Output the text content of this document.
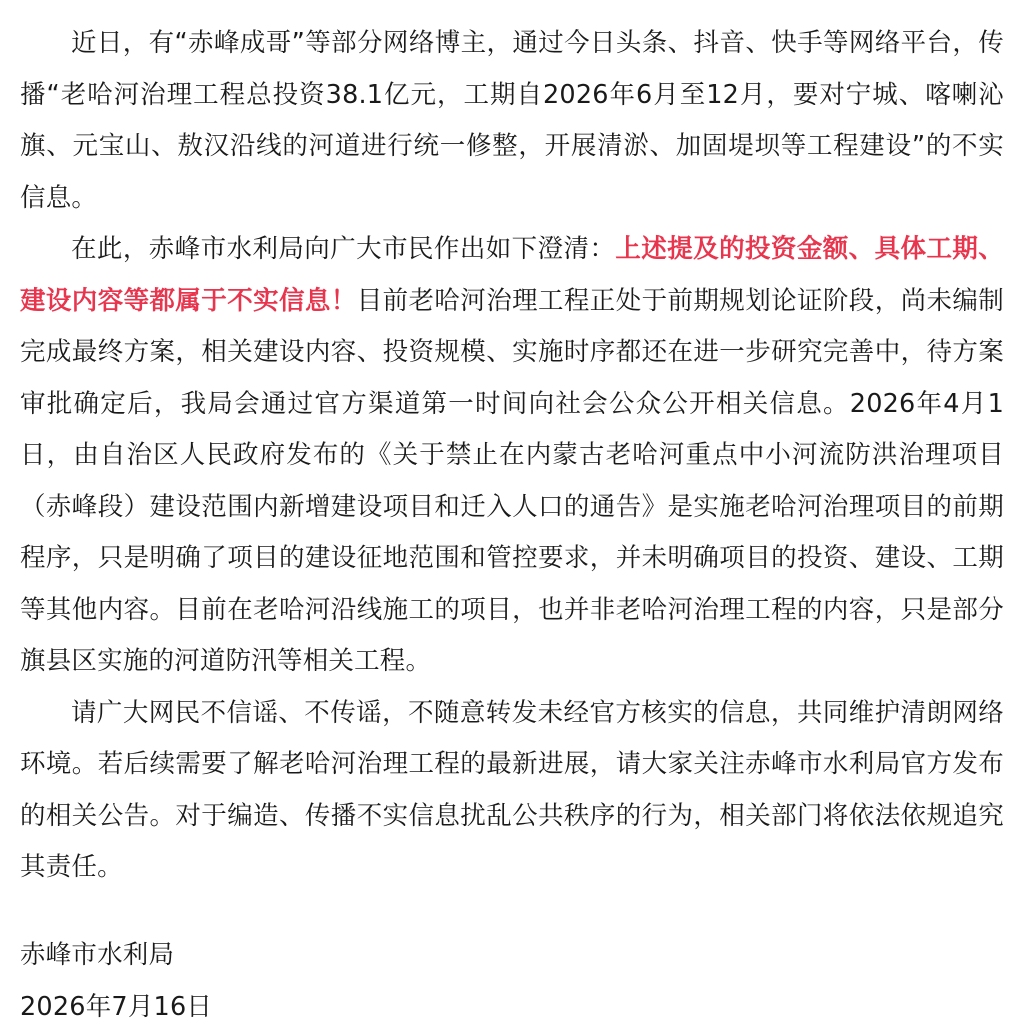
近日，有“赤峰成哥”等部分网络博主，通过今日头条、抖音、快手等网络平台，传播“老哈河治理工程总投资38.1亿元，工期自2026年6月至12月，要对宁城、喀喇沁旗、元宝山、敖汉沿线的河道进行统一修整，开展清淤、加固堤坝等工程建设”的不实信息。

在此，赤峰市水利局向广大市民作出如下澄清：上述提及的投资金额、具体工期、建设内容等都属于不实信息！目前老哈河治理工程正处于前期规划论证阶段，尚未编制完成最终方案，相关建设内容、投资规模、实施时序都还在进一步研究完善中，待方案审批确定后，我局会通过官方渠道第一时间向社会公众公开相关信息。2026年4月1日，由自治区人民政府发布的《关于禁止在内蒙古老哈河重点中小河流防洪治理项目（赤峰段）建设范围内新增建设项目和迁入人口的通告》是实施老哈河治理项目的前期程序，只是明确了项目的建设征地范围和管控要求，并未明确项目的投资、建设、工期等其他内容。目前在老哈河沿线施工的项目，也并非老哈河治理工程的内容，只是部分旗县区实施的河道防汛等相关工程。

请广大网民不信谣、不传谣，不随意转发未经官方核实的信息，共同维护清朗网络环境。若后续需要了解老哈河治理工程的最新进展，请大家关注赤峰市水利局官方发布的相关公告。对于编造、传播不实信息扰乱公共秩序的行为，相关部门将依法依规追究其责任。

赤峰市水利局
2026年7月16日
